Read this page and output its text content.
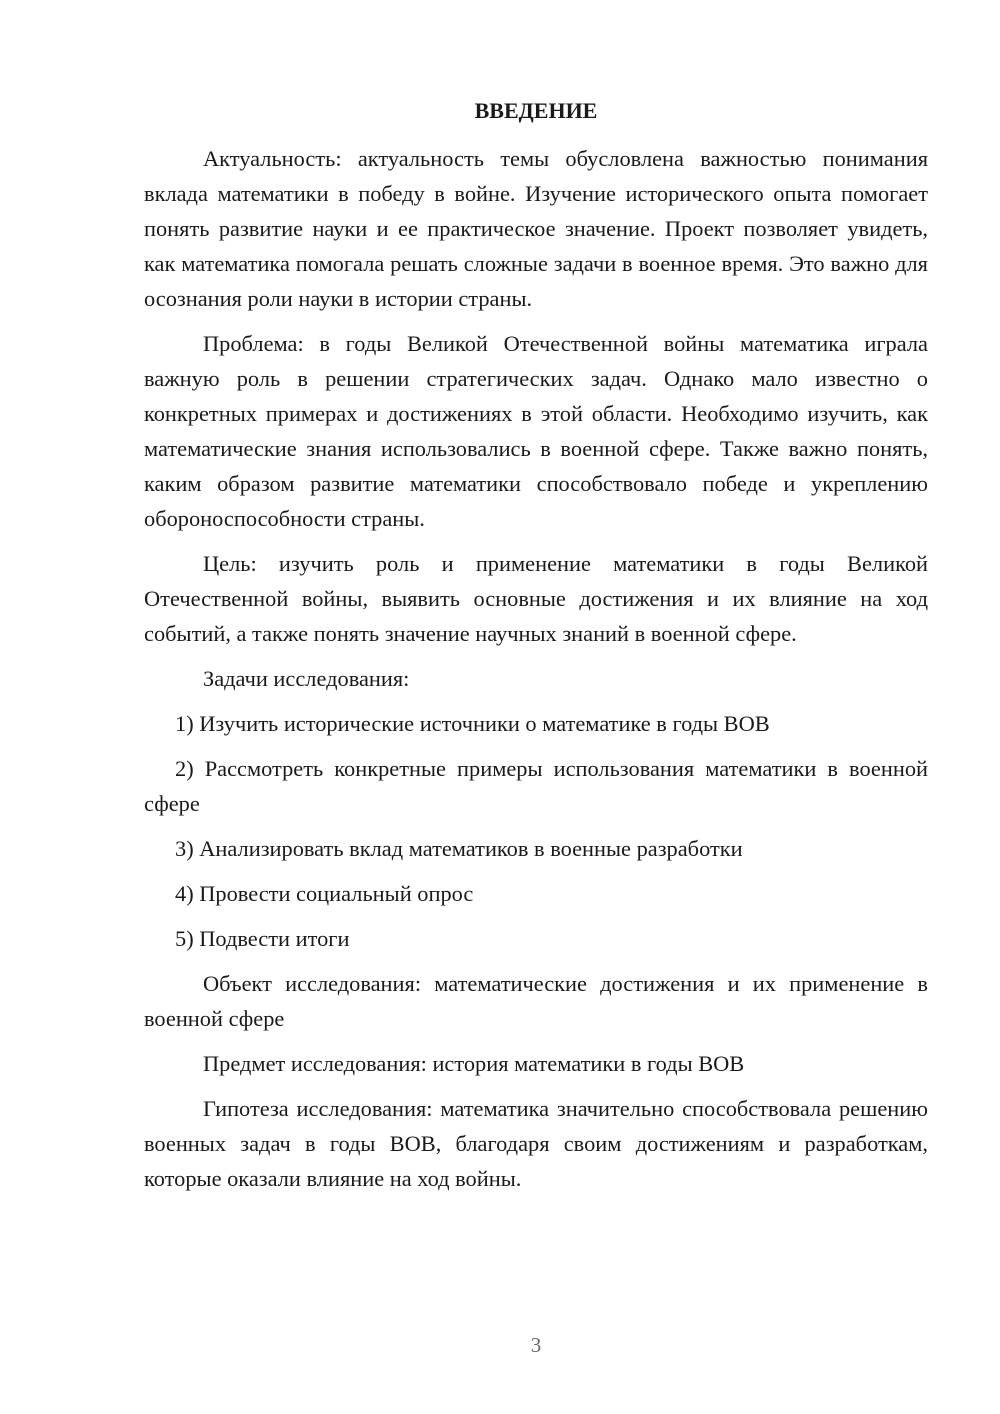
ВВЕДЕНИЕ

Актуальность: актуальность темы обусловлена важностью понимания вклада математики в победу в войне. Изучение исторического опыта помогает понять развитие науки и ее практическое значение. Проект позволяет увидеть, как математика помогала решать сложные задачи в военное время. Это важно для осознания роли науки в истории страны.

Проблема: в годы Великой Отечественной войны математика играла важную роль в решении стратегических задач. Однако мало известно о конкретных примерах и достижениях в этой области. Необходимо изучить, как математические знания использовались в военной сфере. Также важно понять, каким образом развитие математики способствовало победе и укреплению обороноспособности страны.

Цель: изучить роль и применение математики в годы Великой Отечественной войны, выявить основные достижения и их влияние на ход событий, а также понять значение научных знаний в военной сфере.

Задачи исследования:

1) Изучить исторические источники о математике в годы ВОВ

2) Рассмотреть конкретные примеры использования математики в военной сфере

3) Анализировать вклад математиков в военные разработки

4) Провести социальный опрос

5) Подвести итоги

Объект исследования: математические достижения и их применение в военной сфере

Предмет исследования: история математики в годы ВОВ

Гипотеза исследования: математика значительно способствовала решению военных задач в годы ВОВ, благодаря своим достижениям и разработкам, которые оказали влияние на ход войны.

3
